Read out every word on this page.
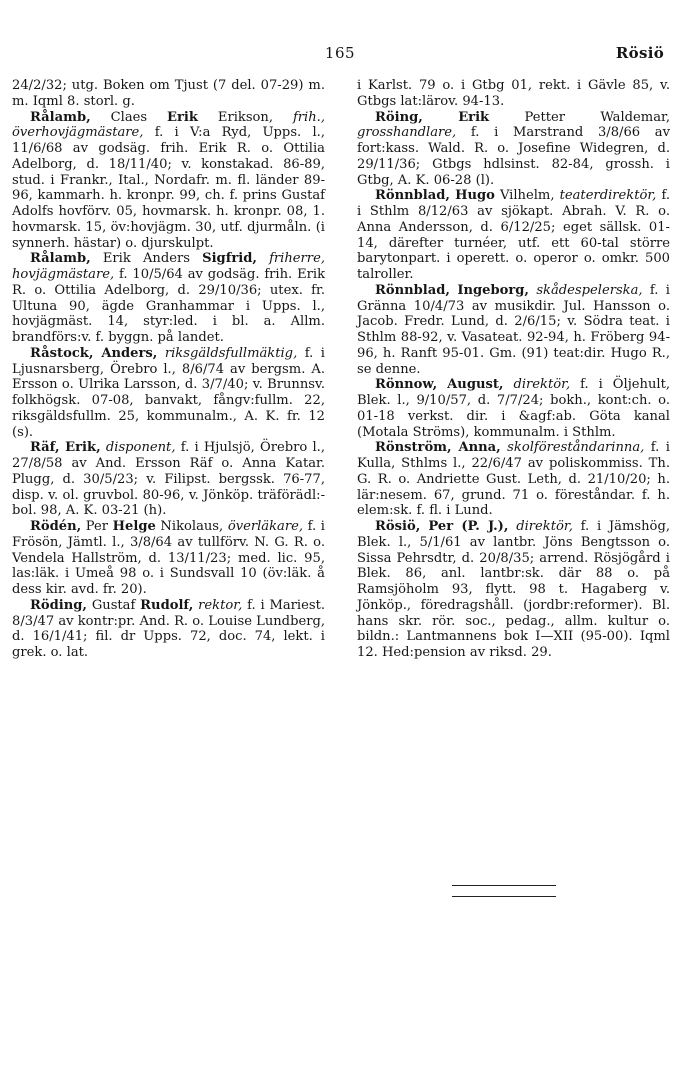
165	Rösiö

24/2/32; utg. Boken om Tjust (7 del. 07-29) m. m. Iqml 8. storl. g.

Rålamb, Claes Erik Erikson, frih., överhovjägmästare, f. i V:a Ryd, Upps. l., 11/6/68 av godsäg. frih. Erik R. o. Ottilia Adelborg, d. 18/11/40; v. konstakad. 86-89, stud. i Frankr., Ital., Nordafr. m. fl. länder 89-96, kammarh. h. kronpr. 99, ch. f. prins Gustaf Adolfs hovförv. 05, hovmarsk. h. kronpr. 08, 1. hovmarsk. 15, öv:hovjägm. 30, utf. djurmåln. (i synnerh. hästar) o. djurskulpt.

Rålamb, Erik Anders Sigfrid, friherre, hovjägmästare, f. 10/5/64 av godsäg. frih. Erik R. o. Ottilia Adelborg, d. 29/10/36; utex. fr. Ultuna 90, ägde Granhammar i Upps. l., hovjägmäst. 14, styr:led. i bl. a. Allm. brandförs:v. f. byggn. på landet.

Råstock, Anders, riksgäldsfullmäktig, f. i Ljusnarsberg, Örebro l., 8/6/74 av bergsm. A. Ersson o. Ulrika Larsson, d. 3/7/40; v. Brunnsv. folkhögsk. 07-08, banvakt, fångv:fullm. 22, riksgäldsfullm. 25, kommunalm., A. K. fr. 12 (s).

Räf, Erik, disponent, f. i Hjulsjö, Örebro l., 27/8/58 av And. Ersson Räf o. Anna Katar. Plugg, d. 30/5/23; v. Filipst. bergssk. 76-77, disp. v. ol. gruvbol. 80-96, v. Jönköp. träförädl:-bol. 98, A. K. 03-21 (h).

Rödén, Per Helge Nikolaus, överläkare, f. i Frösön, Jämtl. l., 3/8/64 av tullförv. N. G. R. o. Vendela Hallström, d. 13/11/23; med. lic. 95, las:läk. i Umeå 98 o. i Sundsvall 10 (öv:läk. å dess kir. avd. fr. 20).

Röding, Gustaf Rudolf, rektor, f. i Mariest. 8/3/47 av kontr:pr. And. R. o. Louise Lundberg, d. 16/1/41; fil. dr Upps. 72, doc. 74, lekt. i grek. o. lat.

i Karlst. 79 o. i Gtbg 01, rekt. i Gävle 85, v. Gtbgs lat:lärov. 94-13.

Röing,	Erik	Petter Waldemar, grosshandlare, f. i Marstrand 3/8/66 av fort:kass. Wald. R. o. Josefine Widegren, d. 29/11/36; Gtbgs hdlsinst. 82-84, grossh. i Gtbg, A. K. 06-28 (l).

Rönnblad, Hugo Vilhelm, teaterdirektör, f. i Sthlm 8/12/63 av sjökapt. Abrah. V. R. o. Anna Andersson, d. 6/12/25; eget sällsk. 01-14, därefter turnéer, utf. ett 60-tal större barytonpart. i operett. o. operor o. omkr. 500 talroller.

Rönnblad, Ingeborg, skådespelerska, f. i Gränna 10/4/73 av musikdir. Jul. Hansson o. Jacob. Fredr. Lund, d. 2/6/15; v. Södra teat. i Sthlm 88-92, v. Vasateat. 92-94, h. Fröberg 94-96, h. Ranft 95-01. Gm. (91) teat:dir. Hugo R., se denne.

Rönnow, August, direktör, f. i Öljehult, Blek. l., 9/10/57, d. 7/7/24; bokh., kont:ch. o. 01-18 verkst. dir. i &agf:ab. Göta kanal (Motala Ströms), kommunalm. i Sthlm.

Rönström, Anna, skolföreståndarinna, f. i Kulla, Sthlms l., 22/6/47 av poliskommiss. Th. G. R. o. Andriette Gust. Leth, d. 21/10/20; h. lär:nesem. 67, grund. 71 o. föreståndar. f. h. elem:sk. f. fl. i Lund.

Rösiö, Per (P. J.), direktör, f. i Jämshög, Blek. l., 5/1/61 av lantbr. Jöns Bengtsson o. Sissa Pehrsdtr, d. 20/8/35; arrend. Rösjögård i Blek. 86, anl. lantbr:sk. där 88 o. på Ramsjöholm 93, flytt. 98 t. Hagaberg v. Jönköp., föredragshåll. (jordbr:reformer). Bl. hans skr. rör. soc., pedag., allm. kultur o. bildn.: Lantmannens bok I—XII (95-00). Iqml 12. Hed:pension av riksd. 29.
